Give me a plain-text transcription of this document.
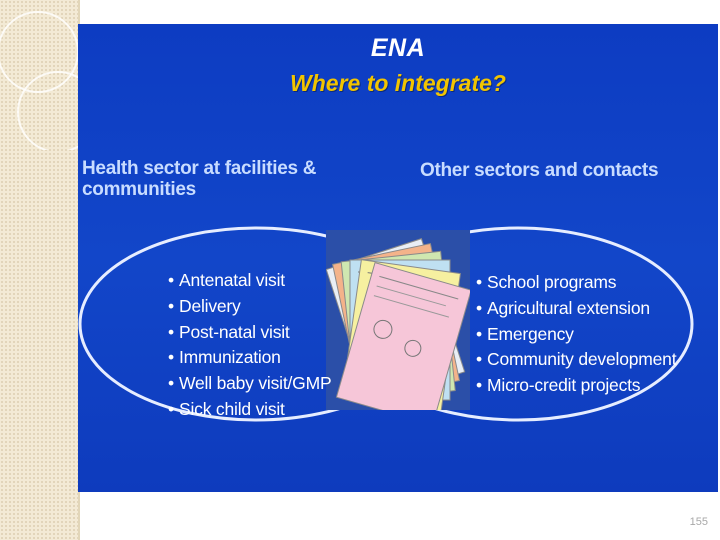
ENA
Where to integrate?
Health sector at facilities & communities
Other sectors and contacts
• Antenatal visit
• Delivery
• Post-natal visit
• Immunization
• Well baby visit/GMP
• Sick child visit
• School programs
• Agricultural extension
• Emergency
• Community development
• Micro-credit projects
155
